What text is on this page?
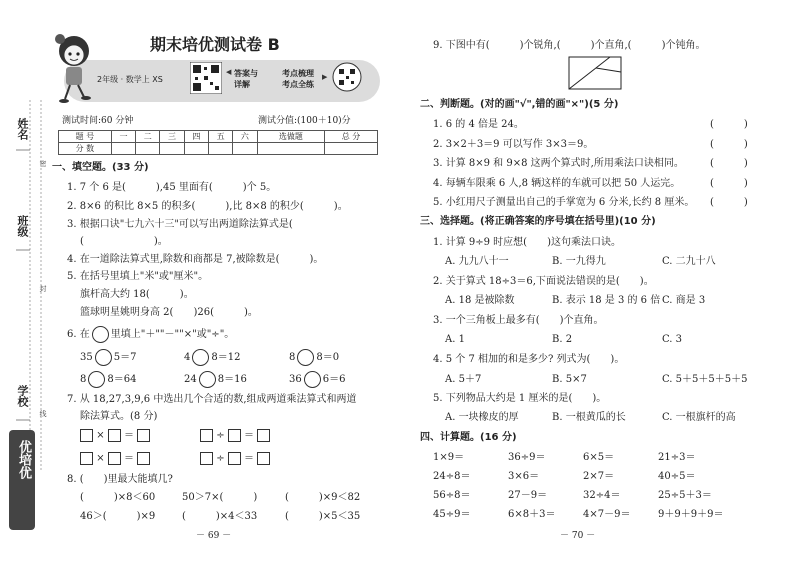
姓名
班级
学校
密
封
线
优培优
期末培优测试卷 B
2年级 · 数学上 XS
◀ 答案与
详解
考点梳理
考点全练
▶
测试时间:60 分钟	测试分值:(100＋10)分
题 号	一	二	三	四	五	六	选做题	总 分
分 数								
一、填空题。(33 分)
1. 7 个 6 是(　　　),45 里面有(　　　)个 5。
2. 8×6 的积比 8×5 的积多(　　　),比 8×8 的积少(　　　)。
3. 根据口诀"七九六十三"可以写出两道除法算式是(　　　　　　　
(　　　　　　　)。
4. 在一道除法算式里,除数和商都是 7,被除数是(　　　)。
5. 在括号里填上"米"或"厘米"。
旗杆高大约 18(　　　)。
篮球明星姚明身高 2(　　)26(　　　)。
6. 在 里填上"＋""－""×"或"÷"。
35 5＝7	4 8＝12	8 8＝0
8 8＝64	24 8＝16	36 6＝6
7. 从 18,27,3,9,6 中选出几个合适的数,组成两道乘法算式和两道
除法算式。(8 分)
× ＝	÷ ＝
× ＝	÷ ＝
8. (　　)里最大能填几?
(　　　)×8＜60	50＞7×(　　　)	(　　　)×9＜82
46＞(　　　)×9	(　　　)×4＜33	(　　　)×5＜35
－ 69 －
9. 下图中有(　　　)个锐角,(　　　)个直角,(　　　)个钝角。
二、判断题。(对的画"√",错的画"×")(5 分)
1. 6 的 4 倍是 24。	(　　　)
2. 3×2＋3＝9 可以写作 3×3＝9。	(　　　)
3. 计算 8×9 和 9×8 这两个算式时,所用乘法口诀相同。	(　　　)
4. 每辆车限乘 6 人,8 辆这样的车就可以把 50 人运完。	(　　　)
5. 小红用尺子测量出自己的手掌宽为 6 分米,长约 8 厘米。 (　　　)
三、选择题。(将正确答案的序号填在括号里)(10 分)
1. 计算 9÷9 时应想(　　)这句乘法口诀。
A. 九九八十一	B. 一九得九	C. 二九十八
2. 关于算式 18÷3＝6,下面说法错误的是(　　)。
A. 18 是被除数	B. 表示 18 是 3 的 6 倍 C. 商是 3
3. 一个三角板上最多有(　　)个直角。
A. 1	B. 2	C. 3
4. 5 个 7 相加的和是多少? 列式为(　　)。
A. 5＋7	B. 5×7	C. 5＋5＋5＋5＋5
5. 下列物品大约是 1 厘米的是(　　)。
A. 一块橡皮的厚	B. 一根黄瓜的长	C. 一根旗杆的高
四、计算题。(16 分)
1×9＝	36÷9＝	6×5＝	21÷3＝
24÷8＝	3×6＝	2×7＝	40÷5＝
56÷8＝	27－9＝	32÷4＝	25÷5＋3＝
45÷9＝	6×8＋3＝	4×7－9＝	9＋9＋9＋9＝
－ 70 －
